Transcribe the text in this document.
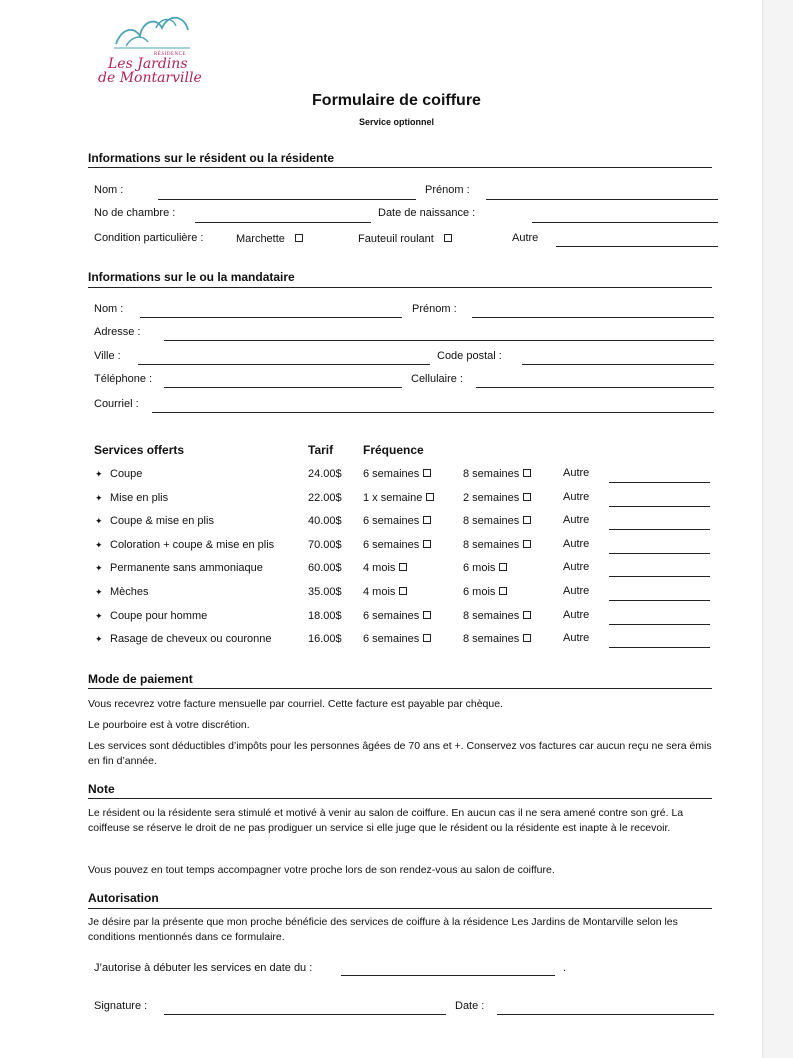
RÉSIDENCE
Les Jardins
de Montarville
Formulaire de coiffure
Service optionnel
Informations sur le résident ou la résidente
Nom :	Prénom :
No de chambre :	Date de naissance :
Condition particulière :	Marchette	Fauteuil roulant	Autre
Informations sur le ou la mandataire
Nom :	Prénom :
Adresse :
Ville :	Code postal :
Téléphone :	Cellulaire :
Courriel :
Services offerts	Tarif Fréquence
✦ Coupe	24.00$ 6 semaines	8 semaines	Autre
✦ Mise en plis	22.00$ 1 x semaine	2 semaines	Autre
✦ Coupe & mise en plis	40.00$ 6 semaines	8 semaines	Autre
✦ Coloration + coupe & mise en plis	70.00$ 6 semaines	8 semaines	Autre
✦ Permanente sans ammoniaque	60.00$ 4 mois	6 mois	Autre
✦ Mèches	35.00$ 4 mois	6 mois	Autre
✦ Coupe pour homme	18.00$ 6 semaines	8 semaines	Autre
✦ Rasage de cheveux ou couronne	16.00$ 6 semaines	8 semaines	Autre
Mode de paiement
Vous recevrez votre facture mensuelle par courriel. Cette facture est payable par chèque.
Le pourboire est à votre discrétion.
Les services sont déductibles d’impôts pour les personnes âgées de 70 ans et +. Conservez vos factures car aucun reçu ne sera émis en fin d’année.
Note
Le résident ou la résidente sera stimulé et motivé à venir au salon de coiffure. En aucun cas il ne sera amené contre son gré. La coiffeuse se réserve le droit de ne pas prodiguer un service si elle juge que le résident ou la résidente est inapte à le recevoir.
Vous pouvez en tout temps accompagner votre proche lors de son rendez-vous au salon de coiffure.
Autorisation
Je désire par la présente que mon proche bénéficie des services de coiffure à la résidence Les Jardins de Montarville selon les conditions mentionnés dans ce formulaire.
J’autorise à débuter les services en date du :	.
Signature :	Date :
